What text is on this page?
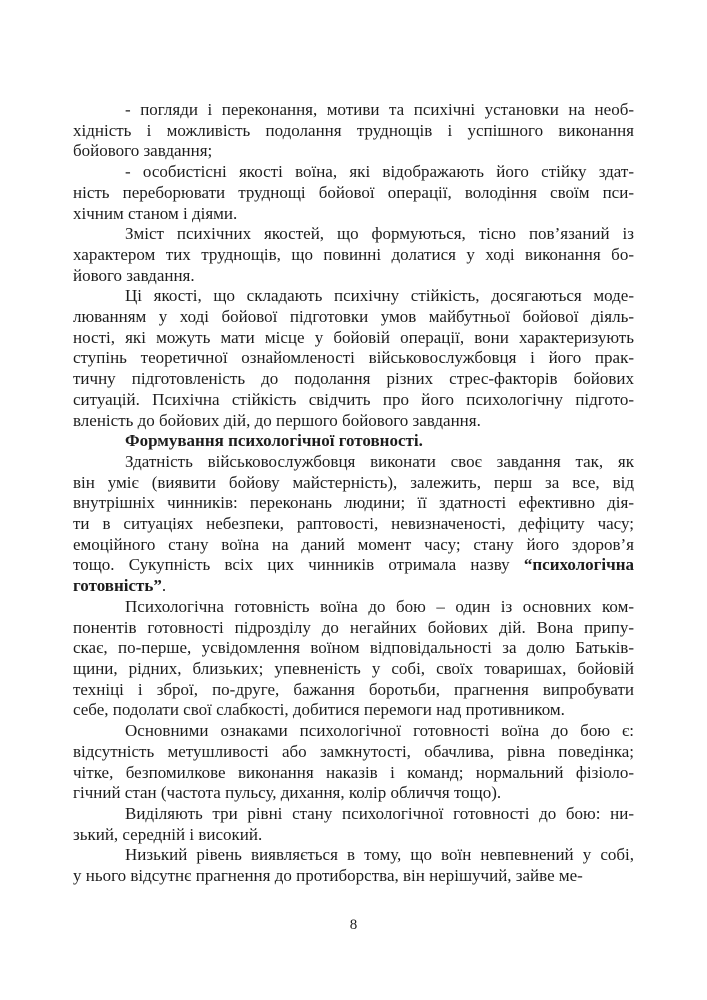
- погляди і переконання, мотиви та психічні установки на необ-
хідність і можливість подолання труднощів і успішного виконання
бойового завдання;
- особистісні якості воїна, які відображають його стійку здат-
ність переборювати труднощі бойової операції, володіння своїм пси-
хічним станом і діями.
Зміст психічних якостей, що формуються, тісно пов’язаний із
характером тих труднощів, що повинні долатися у ході виконання бо-
йового завдання.
Ці якості, що складають психічну стійкість, досягаються моде-
люванням у ході бойової підготовки умов майбутньої бойової діяль-
ності, які можуть мати місце у бойовій операції, вони характеризують
ступінь теоретичної ознайомленості військовослужбовця і його прак-
тичну підготовленість до подолання різних стрес-факторів бойових
ситуацій. Психічна стійкість свідчить про його психологічну підгото-
вленість до бойових дій, до першого бойового завдання.
Формування психологічної готовності.
Здатність військовослужбовця виконати своє завдання так, як
він уміє (виявити бойову майстерність), залежить, перш за все, від
внутрішніх чинників: переконань людини; її здатності ефективно дія-
ти в ситуаціях небезпеки, раптовості, невизначеності, дефіциту часу;
емоційного стану воїна на даний момент часу; стану його здоров’я
тощо. Сукупність всіх цих чинників отримала назву “психологічна
готовність”.
Психологічна готовність воїна до бою – один із основних ком-
понентів готовності підрозділу до негайних бойових дій. Вона припу-
скає, по-перше, усвідомлення воїном відповідальності за долю Батьків-
щини, рідних, близьких; упевненість у собі, своїх товаришах, бойовій
техніці і зброї, по-друге, бажання боротьби, прагнення випробувати
себе, подолати свої слабкості, добитися перемоги над противником.
Основними ознаками психологічної готовності воїна до бою є:
відсутність метушливості або замкнутості, обачлива, рівна поведінка;
чітке, безпомилкове виконання наказів і команд; нормальний фізіоло-
гічний стан (частота пульсу, дихання, колір обличчя тощо).
Виділяють три рівні стану психологічної готовності до бою: ни-
зький, середній і високий.
Низький рівень виявляється в тому, що воїн невпевнений у собі,
у нього відсутнє прагнення до протиборства, він нерішучий, зайве ме-
8
